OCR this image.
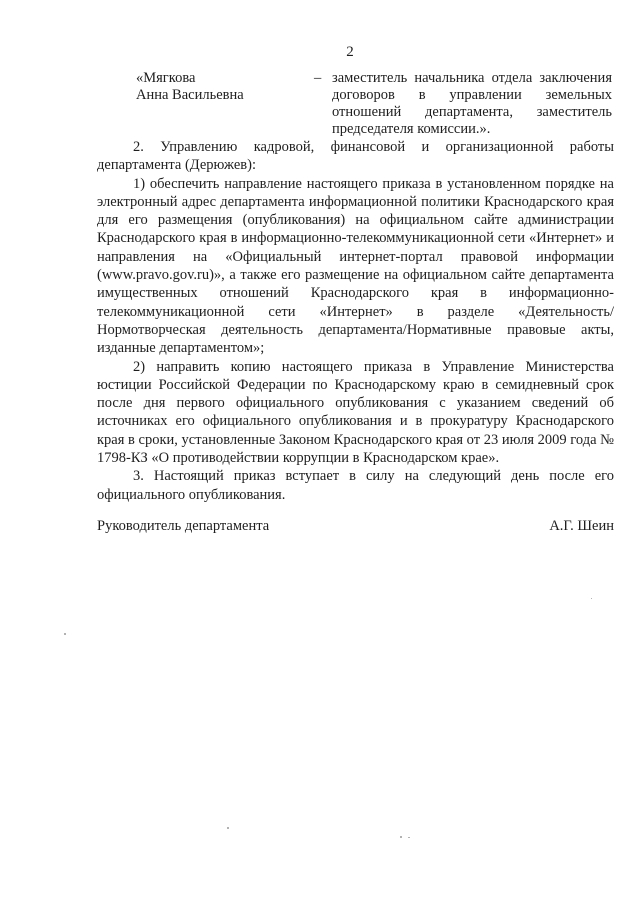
2
«Мягкова
Анна Васильевна
– заместитель начальника отдела заключения договоров в управлении земельных отношений департамента, заместитель председателя комиссии.».

2. Управлению кадровой, финансовой и организационной работы департамента (Дерюжев):

1) обеспечить направление настоящего приказа в установленном порядке на электронный адрес департамента информационной политики Краснодарского края для его размещения (опубликования) на официальном сайте администрации Краснодарского края в информационно-телекоммуникационной сети «Интернет» и направления на «Официальный интернет-портал правовой информации (www.pravo.gov.ru)», а также его размещение на официальном сайте департамента имущественных отношений Краснодарского края в информационно-телекоммуникационной сети «Интернет» в разделе «Деятельность/Нормотворческая деятельность департамента/Нормативные правовые акты, изданные департаментом»;

2) направить копию настоящего приказа в Управление Министерства юстиции Российской Федерации по Краснодарскому краю в семидневный срок после дня первого официального опубликования с указанием сведений об источниках его официального опубликования и в прокуратуру Краснодарского края в сроки, установленные Законом Краснодарского края от 23 июля 2009 года № 1798-КЗ «О противодействии коррупции в Краснодарском крае».

3. Настоящий приказ вступает в силу на следующий день после его официального опубликования.

Руководитель департамента	А.Г. Шеин
